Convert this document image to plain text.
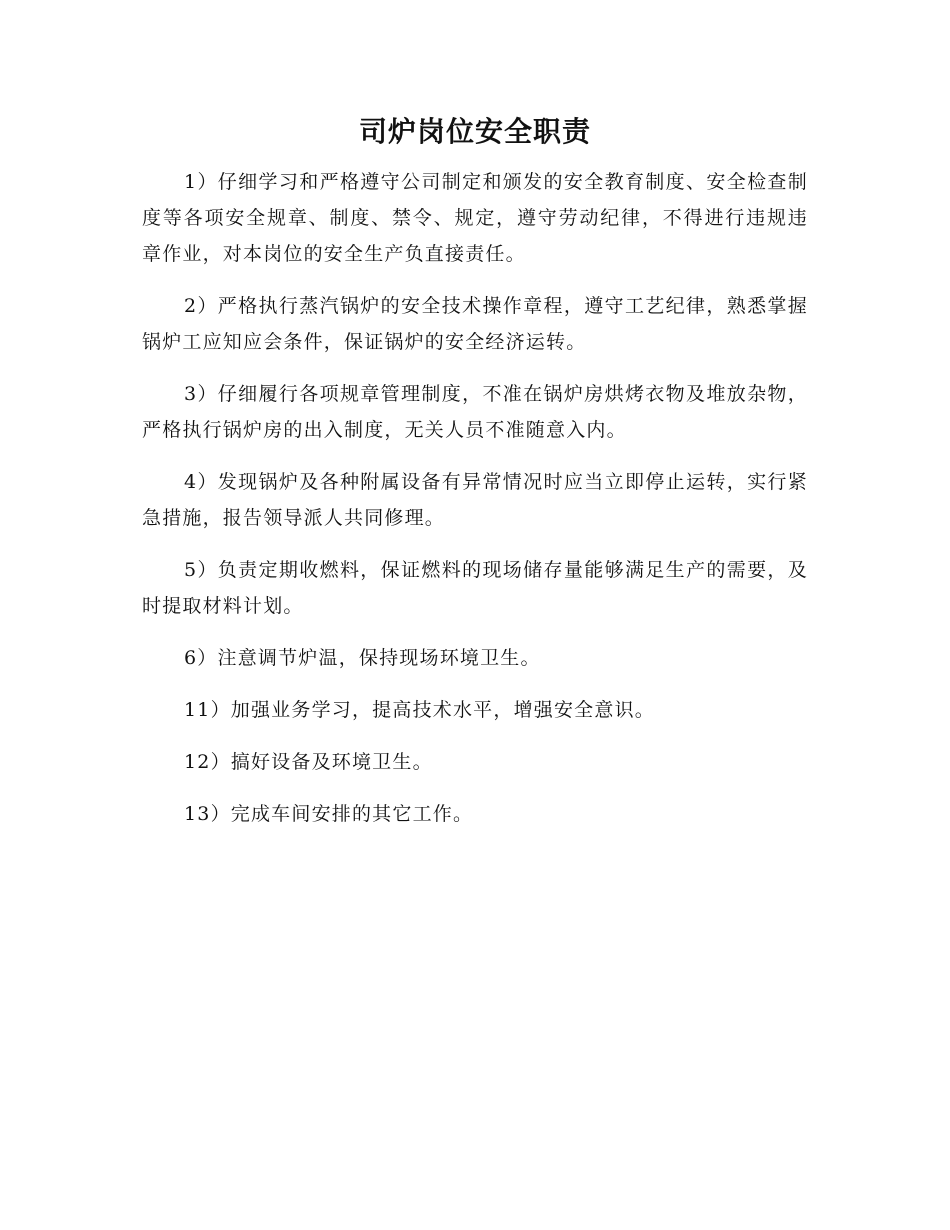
司炉岗位安全职责

1）仔细学习和严格遵守公司制定和颁发的安全教育制度、安全检查制度等各项安全规章、制度、禁令、规定，遵守劳动纪律，不得进行违规违章作业，对本岗位的安全生产负直接责任。

2）严格执行蒸汽锅炉的安全技术操作章程，遵守工艺纪律，熟悉掌握锅炉工应知应会条件，保证锅炉的安全经济运转。

3）仔细履行各项规章管理制度，不准在锅炉房烘烤衣物及堆放杂物，严格执行锅炉房的出入制度，无关人员不准随意入内。

4）发现锅炉及各种附属设备有异常情况时应当立即停止运转，实行紧急措施，报告领导派人共同修理。

5）负责定期收燃料，保证燃料的现场储存量能够满足生产的需要，及时提取材料计划。

6）注意调节炉温，保持现场环境卫生。

11）加强业务学习，提高技术水平，增强安全意识。

12）搞好设备及环境卫生。

13）完成车间安排的其它工作。
